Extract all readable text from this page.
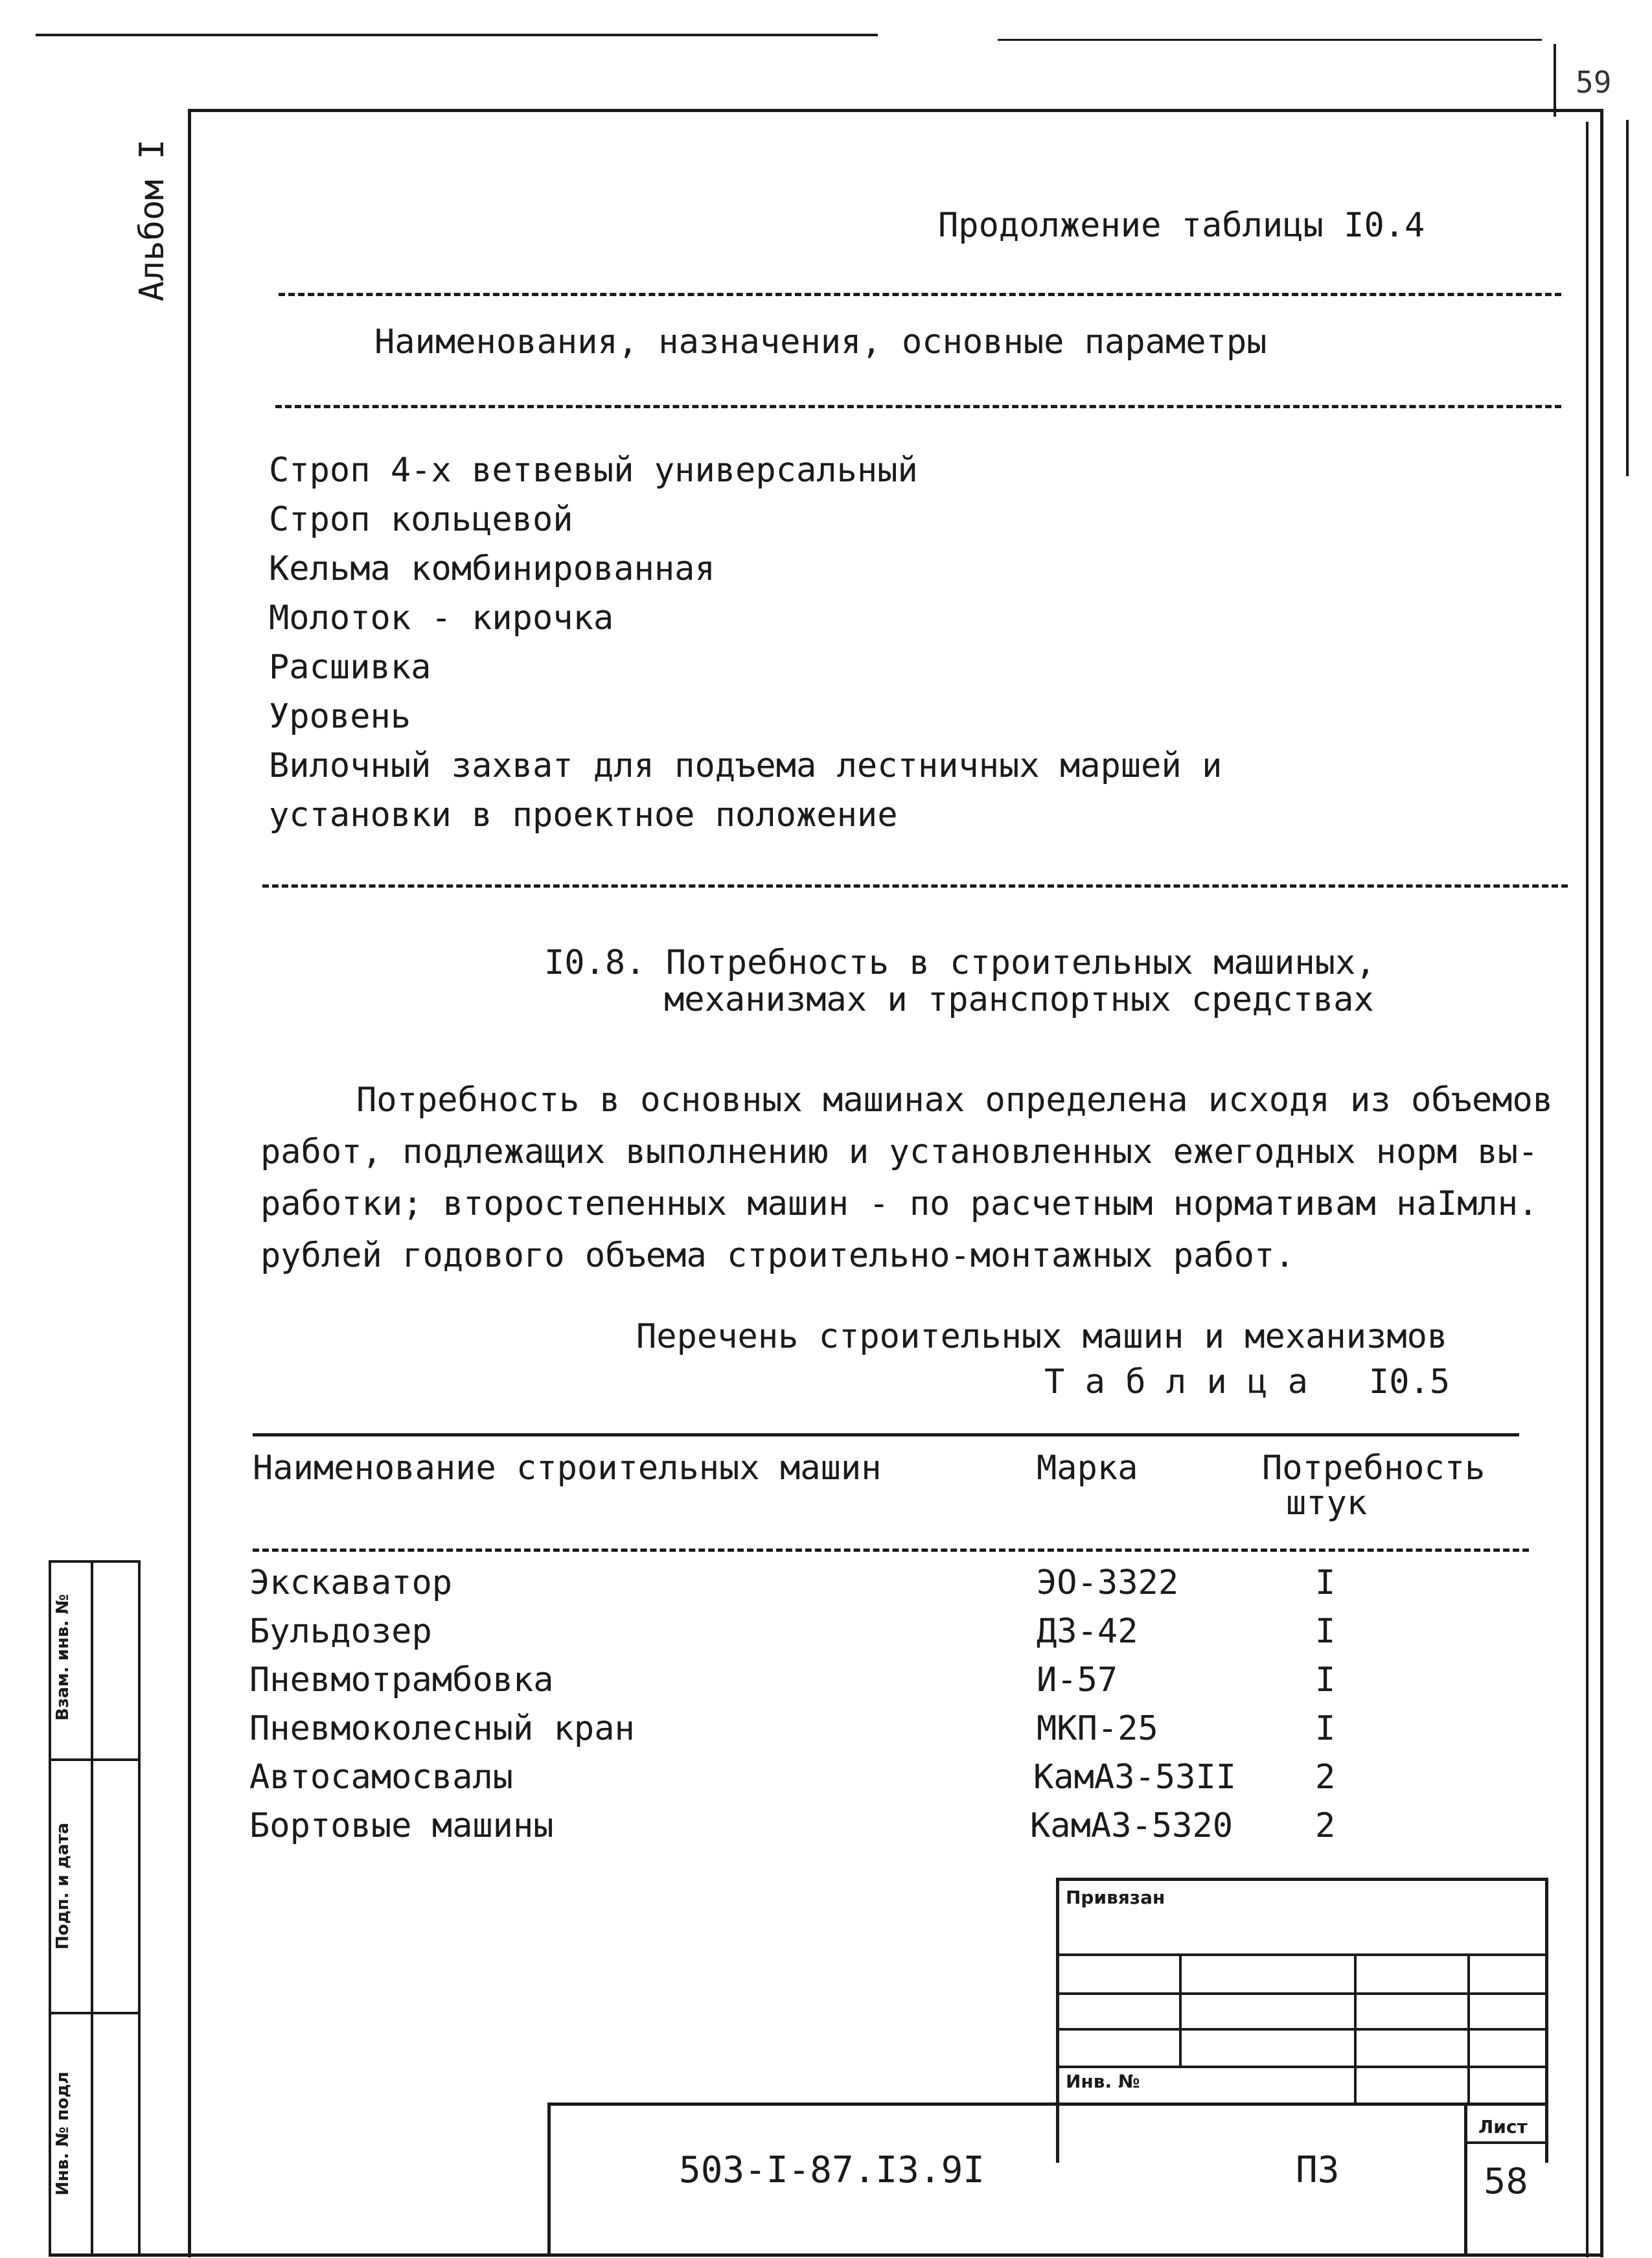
59
Альбом I
Взам. инв. №
Подп. и дата
Инв. № подл
Продолжение таблицы I0.4
Наименования, назначения, основные параметры
Строп 4-х ветвевый универсальный
Строп кольцевой
Кельма комбинированная
Молоток - кирочка
Расшивка
Уровень
Вилочный захват для подъема лестничных маршей и
установки в проектное положение
I0.8. Потребность в строительных машиных,
механизмах и транспортных средствах
Потребность в основных машинах определена исходя из объемов
работ, подлежащих выполнению и установленных ежегодных норм вы-
работки; второстепенных машин - по расчетным нормативам наIмлн.
рублей годового объема строительно-монтажных работ.
Перечень строительных машин и механизмов
Т а б л и ц а   I0.5
Наименование строительных машин	Марка	Потребность
штук
Экскаватор	ЭО-3322	I
Бульдозер	ДЗ-42	I
Пневмотрамбовка	И-57	I
Пневмоколесный кран	МКП-25	I
Автосамосвалы	КамАЗ-53II 2
Бортовые машины	КамАЗ-5320 2
Привязан
Инв. №
Лист
58
503-I-87.I3.9I	ПЗ
